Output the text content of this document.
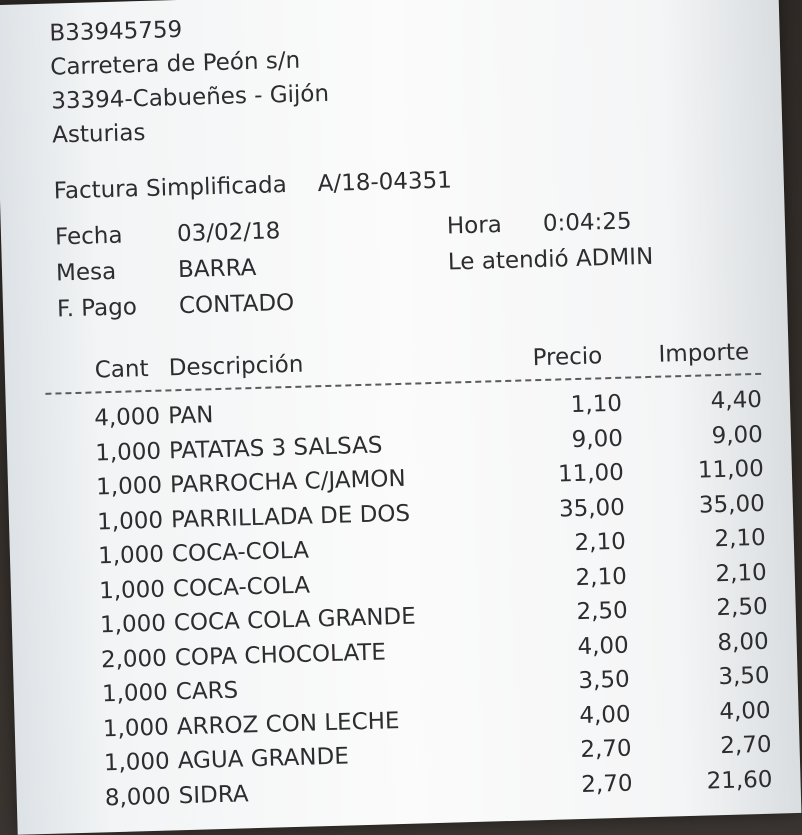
B33945759
Carretera de Peón s/n
33394-Cabueñes - Gijón
Asturias
Factura Simplificada A/18-04351
Fecha 03/02/18	Hora 0:04:25
Mesa	BARRA	Le atendió ADMIN
F. Pago CONTADO
Cant Descripción	Precio Importe
4,000 PAN	1,10	4,40
1,000 PATATAS 3 SALSAS	9,00	9,00
1,000 PARROCHA C/JAMON	11,00	11,00
1,000 PARRILLADA DE DOS	35,00	35,00
1,000 COCA-COLA	2,10	2,10
1,000 COCA-COLA	2,10	2,10
1,000 COCA COLA GRANDE	2,50	2,50
2,000 COPA CHOCOLATE	4,00	8,00
1,000 CARS	3,50	3,50
1,000 ARROZ CON LECHE	4,00	4,00
1,000 AGUA GRANDE	2,70	2,70
8,000 SIDRA	2,70	21,60
